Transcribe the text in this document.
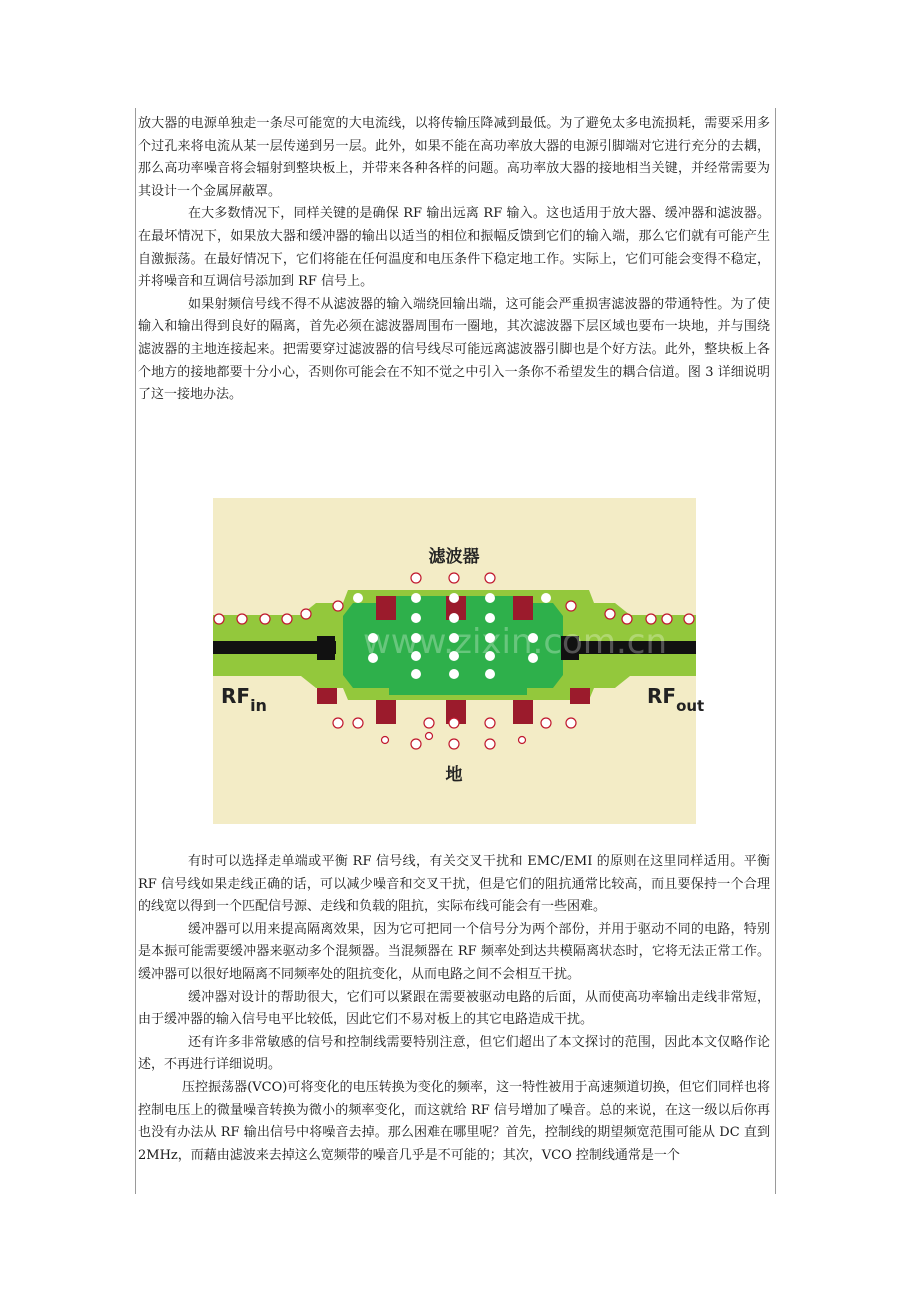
放大器的电源单独走一条尽可能宽的大电流线，以将传输压降减到最低。为了避免太多电流损耗，需要采用多个过孔来将电流从某一层传递到另一层。此外，如果不能在高功率放大器的电源引脚端对它进行充分的去耦，那么高功率噪音将会辐射到整块板上，并带来各种各样的问题。高功率放大器的接地相当关键，并经常需要为其设计一个金属屏蔽罩。

在大多数情况下，同样关键的是确保 RF 输出远离 RF 输入。这也适用于放大器、缓冲器和滤波器。在最坏情况下，如果放大器和缓冲器的输出以适当的相位和振幅反馈到它们的输入端，那么它们就有可能产生自激振荡。在最好情况下，它们将能在任何温度和电压条件下稳定地工作。实际上，它们可能会变得不稳定，并将噪音和互调信号添加到 RF 信号上。

如果射频信号线不得不从滤波器的输入端绕回输出端，这可能会严重损害滤波器的带通特性。为了使输入和输出得到良好的隔离，首先必须在滤波器周围布一圈地，其次滤波器下层区域也要布一块地，并与围绕滤波器的主地连接起来。把需要穿过滤波器的信号线尽可能远离滤波器引脚也是个好方法。此外，整块板上各个地方的接地都要十分小心，否则你可能会在不知不觉之中引入一条你不希望发生的耦合信道。图 3 详细说明了这一接地办法。

www.zixin.com.cn
滤波器
地
$RF_{in}$	$RF_{out}$

有时可以选择走单端或平衡 RF 信号线，有关交叉干扰和 EMC/EMI 的原则在这里同样适用。平衡 RF 信号线如果走线正确的话，可以减少噪音和交叉干扰，但是它们的阻抗通常比较高，而且要保持一个合理的线宽以得到一个匹配信号源、走线和负载的阻抗，实际布线可能会有一些困难。

缓冲器可以用来提高隔离效果，因为它可把同一个信号分为两个部份，并用于驱动不同的电路，特别是本振可能需要缓冲器来驱动多个混频器。当混频器在 RF 频率处到达共模隔离状态时，它将无法正常工作。缓冲器可以很好地隔离不同频率处的阻抗变化，从而电路之间不会相互干扰。

缓冲器对设计的帮助很大，它们可以紧跟在需要被驱动电路的后面，从而使高功率输出走线非常短，由于缓冲器的输入信号电平比较低，因此它们不易对板上的其它电路造成干扰。

还有许多非常敏感的信号和控制线需要特别注意，但它们超出了本文探讨的范围，因此本文仅略作论述，不再进行详细说明。

压控振荡器(VCO)可将变化的电压转换为变化的频率，这一特性被用于高速频道切换，但它们同样也将控制电压上的微量噪音转换为微小的频率变化，而这就给 RF 信号增加了噪音。总的来说，在这一级以后你再也没有办法从 RF 输出信号中将噪音去掉。那么困难在哪里呢？首先，控制线的期望频宽范围可能从 DC 直到 2MHz，而藉由滤波来去掉这么宽频带的噪音几乎是不可能的；其次，VCO 控制线通常是一个
